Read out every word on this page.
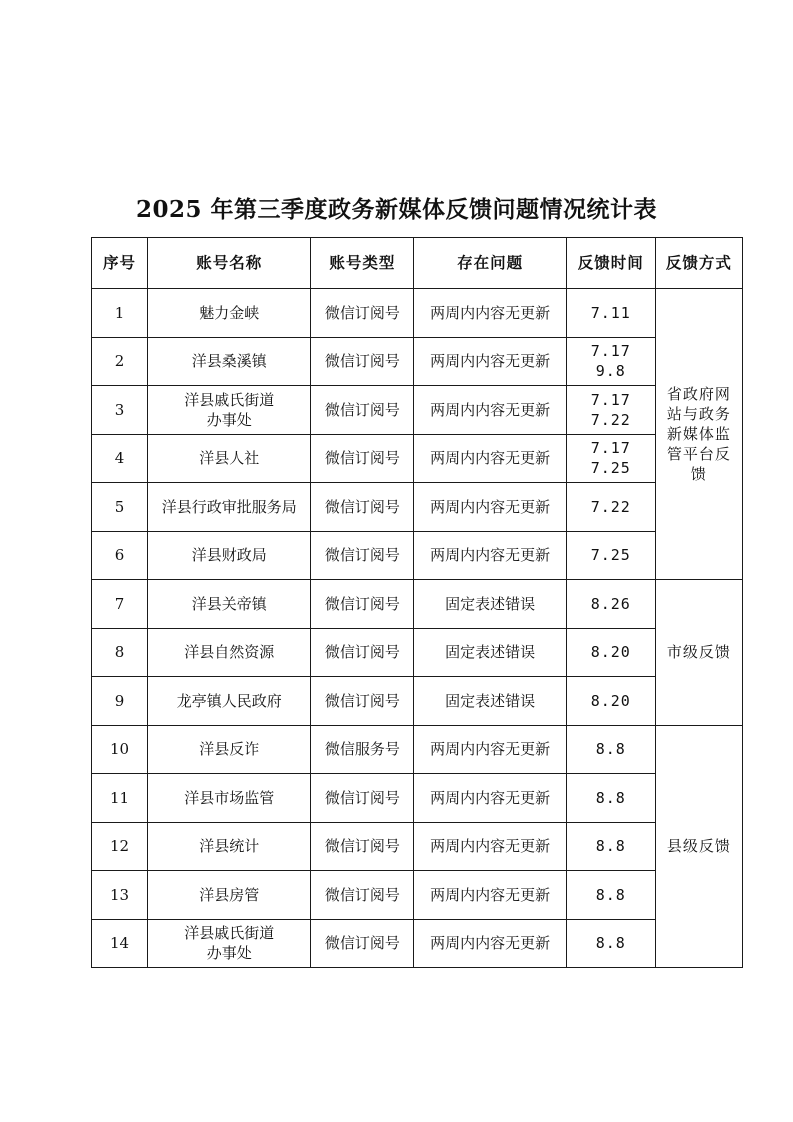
2025 年第三季度政务新媒体反馈问题情况统计表
序号	账号名称	账号类型	存在问题	反馈时间	反馈方式
1	魅力金峡	微信订阅号	两周内内容无更新	7.11	省政府网
站与政务
新媒体监
管平台反
馈

2	洋县桑溪镇	微信订阅号	两周内内容无更新	7.17
9.8	

3	洋县戚氏街道
办事处	微信订阅号	两周内内容无更新	7.17
7.22	

4	洋县人社	微信订阅号	两周内内容无更新	7.17
7.25	

5	洋县行政审批服务局	微信订阅号	两周内内容无更新	7.22	

6	洋县财政局	微信订阅号	两周内内容无更新	7.25	

7	洋县关帝镇	微信订阅号	固定表述错误	8.26	市级反馈

8	洋县自然资源	微信订阅号	固定表述错误	8.20	

9	龙亭镇人民政府	微信订阅号	固定表述错误	8.20	

10	洋县反诈	微信服务号	两周内内容无更新	8.8	县级反馈

11	洋县市场监管	微信订阅号	两周内内容无更新	8.8	

12	洋县统计	微信订阅号	两周内内容无更新	8.8	

13	洋县房管	微信订阅号	两周内内容无更新	8.8	

14	洋县戚氏街道
办事处	微信订阅号	两周内内容无更新	8.8	
